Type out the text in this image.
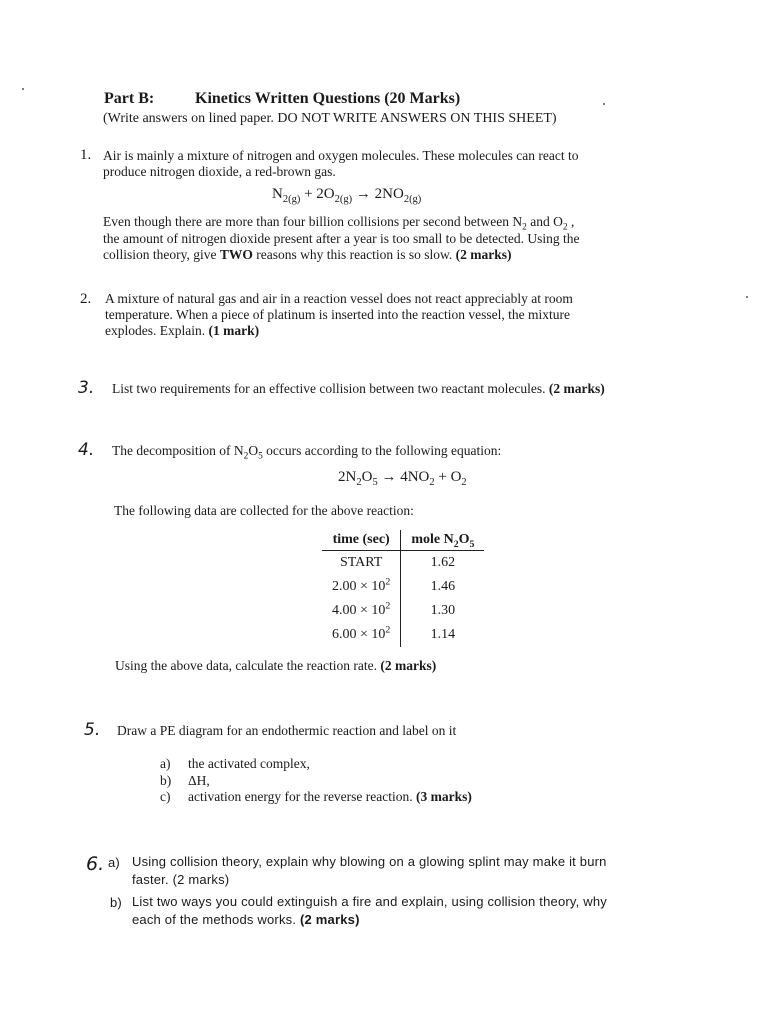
Part B:	Kinetics Written Questions (20 Marks)
(Write answers on lined paper. DO NOT WRITE ANSWERS ON THIS SHEET)
1. Air is mainly a mixture of nitrogen and oxygen molecules. These molecules can react to
produce nitrogen dioxide, a red-brown gas.
$N_{2(g)} + 2O_{2(g)} \to 2NO_{2(g)}$
Even though there are more than four billion collisions per second between $N_2$ and $O_2$ ,
the amount of nitrogen dioxide present after a year is too small to be detected. Using the
collision theory, give TWO reasons why this reaction is so slow. (2 marks)
2. A mixture of natural gas and air in a reaction vessel does not react appreciably at room
temperature. When a piece of platinum is inserted into the reaction vessel, the mixture
explodes. Explain. (1 mark)
3. List two requirements for an effective collision between two reactant molecules. (2 marks)
4. The decomposition of $N_2O_5$ occurs according to the following equation:
$2N_2O_5 \to 4NO_2 + O_2$
The following data are collected for the above reaction:
time (sec)	mole $N_2O_5$
START	1.62
$2.00 \times 10^2$	1.46
$4.00 \times 10^2$	1.30
$6.00 \times 10^2$	1.14
Using the above data, calculate the reaction rate. (2 marks)
5. Draw a PE diagram for an endothermic reaction and label on it
a) the activated complex,
b) ΔH,
c) activation energy for the reverse reaction. (3 marks)
6. a) Using collision theory, explain why blowing on a glowing splint may make it burn
faster. (2 marks)
b) List two ways you could extinguish a fire and explain, using collision theory, why
each of the methods works. (2 marks)
